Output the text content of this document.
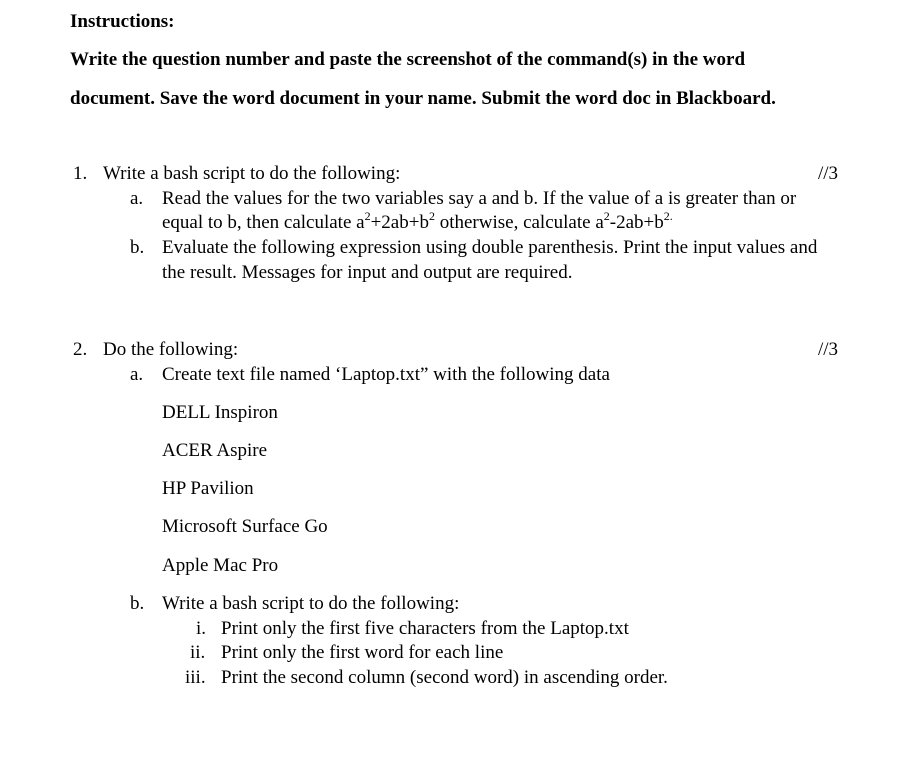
Instructions:
Write the question number and paste the screenshot of the command(s) in the word
document. Save the word document in your name. Submit the word doc in Blackboard.
1. Write a bash script to do the following:	//3
a. Read the values for the two variables say a and b. If the value of a is greater than or
equal to b, then calculate $a^2+2ab+b^2$ otherwise, calculate $a^2-2ab+b^{2.}$
b. Evaluate the following expression using double parenthesis. Print the input values and
the result. Messages for input and output are required.
2. Do the following:	//3
a. Create text file named ‘Laptop.txt” with the following data
DELL Inspiron
ACER Aspire
HP Pavilion
Microsoft Surface Go
Apple Mac Pro
b. Write a bash script to do the following:
i. Print only the first five characters from the Laptop.txt
ii. Print only the first word for each line
iii. Print the second column (second word) in ascending order.
